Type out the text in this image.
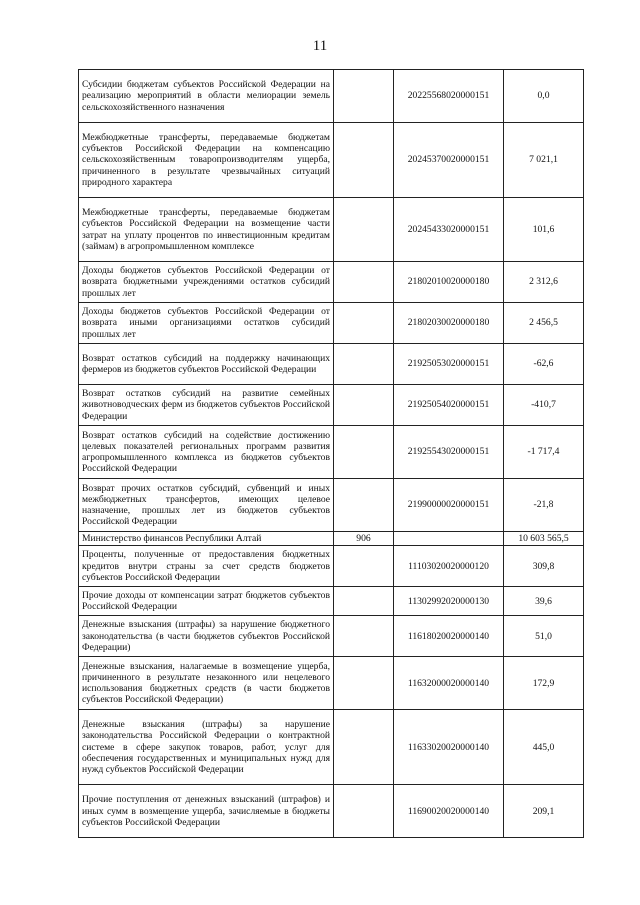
11
Субсидии бюджетам субъектов Российской Федерации на реализацию мероприятий в области мелиорации земель сельскохозяйственного назначения		20225568020000151	0,0
Межбюджетные трансферты, передаваемые бюджетам субъектов Российской Федерации на компенсацию сельскохозяйственным товаропроизводителям ущерба, причиненного в результате чрезвычайных ситуаций природного характера		20245370020000151	7 021,1
Межбюджетные трансферты, передаваемые бюджетам субъектов Российской Федерации на возмещение части затрат на уплату процентов по инвестиционным кредитам (займам) в агропромышленном комплексе		20245433020000151	101,6
Доходы бюджетов субъектов Российской Федерации от возврата бюджетными учреждениями остатков субсидий прошлых лет		21802010020000180	2 312,6
Доходы бюджетов субъектов Российской Федерации от возврата иными организациями остатков субсидий прошлых лет		21802030020000180	2 456,5
Возврат остатков субсидий на поддержку начинающих фермеров из бюджетов субъектов Российской Федерации		21925053020000151	-62,6
Возврат остатков субсидий на развитие семейных животноводческих ферм из бюджетов субъектов Российской Федерации		21925054020000151	-410,7
Возврат остатков субсидий на содействие достижению целевых показателей региональных программ развития агропромышленного комплекса из бюджетов субъектов Российской Федерации		21925543020000151	-1 717,4
Возврат прочих остатков субсидий, субвенций и иных межбюджетных трансфертов, имеющих целевое назначение, прошлых лет из бюджетов субъектов Российской Федерации		21990000020000151	-21,8
Министерство финансов Республики Алтай	906		10 603 565,5
Проценты, полученные от предоставления бюджетных кредитов внутри страны за счет средств бюджетов субъектов Российской Федерации		11103020020000120	309,8
Прочие доходы от компенсации затрат бюджетов субъектов Российской Федерации		11302992020000130	39,6
Денежные взыскания (штрафы) за нарушение бюджетного законодательства (в части бюджетов субъектов Российской Федерации)		11618020020000140	51,0
Денежные взыскания, налагаемые в возмещение ущерба, причиненного в результате незаконного или нецелевого использования бюджетных средств (в части бюджетов субъектов Российской Федерации)		11632000020000140	172,9
Денежные взыскания (штрафы) за нарушение законодательства Российской Федерации о контрактной системе в сфере закупок товаров, работ, услуг для обеспечения государственных и муниципальных нужд для нужд субъектов Российской Федерации		11633020020000140	445,0
Прочие поступления от денежных взысканий (штрафов) и иных сумм в возмещение ущерба, зачисляемые в бюджеты субъектов Российской Федерации		11690020020000140	209,1
